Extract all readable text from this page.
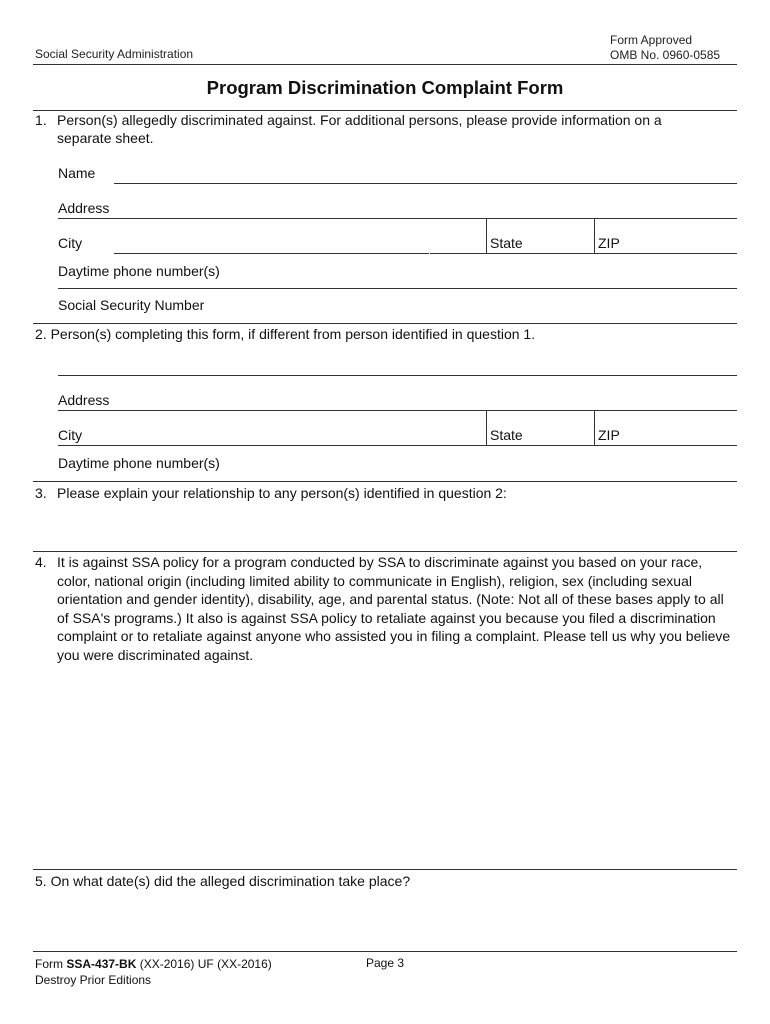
Social Security Administration
Form Approved
OMB No. 0960-0585
Program Discrimination Complaint Form
1. Person(s) allegedly discriminated against. For additional persons, please provide information on a
separate sheet.
Name
Address
City	State	ZIP
Daytime phone number(s)
Social Security Number
2. Person(s) completing this form, if different from person identified in question 1.
Address
City	State	ZIP
Daytime phone number(s)
3. Please explain your relationship to any person(s) identified in question 2:
4. It is against SSA policy for a program conducted by SSA to discriminate against you based on your race, color, national origin (including limited ability to communicate in English), religion, sex (including sexual orientation and gender identity), disability, age, and parental status. (Note: Not all of these bases apply to all of SSA's programs.) It also is against SSA policy to retaliate against you because you filed a discrimination complaint or to retaliate against anyone who assisted you in filing a complaint. Please tell us why you believe you were discriminated against.
5. On what date(s) did the alleged discrimination take place?
Form SSA-437-BK (XX-2016) UF (XX-2016)
Destroy Prior Editions
Page 3
